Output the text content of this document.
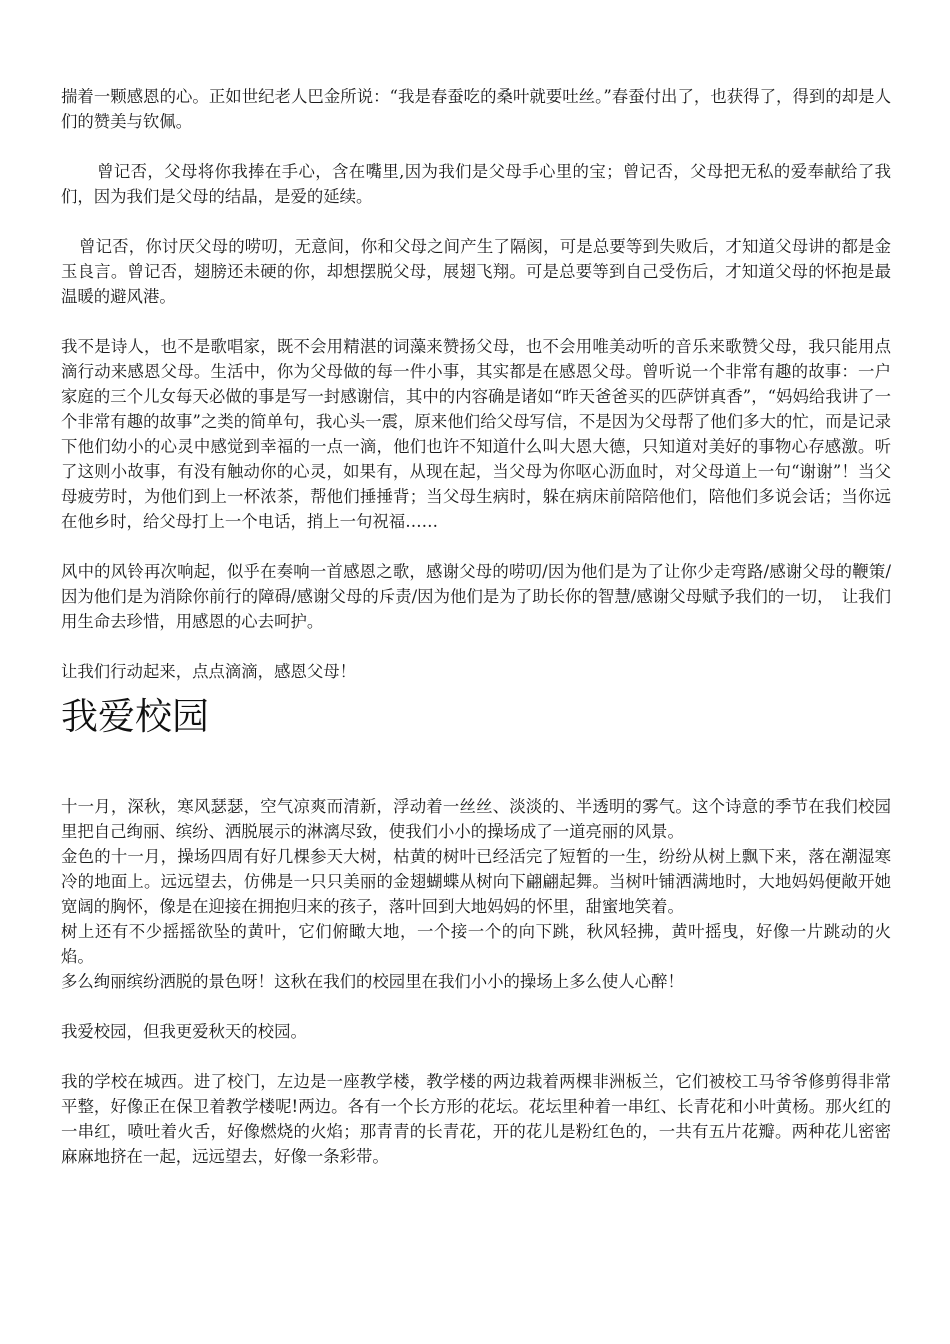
揣着一颗感恩的心。正如世纪老人巴金所说：“我是春蚕吃的桑叶就要吐丝。”春蚕付出了，也获得了，得到的却是人们的赞美与钦佩。

曾记否，父母将你我捧在手心，含在嘴里,因为我们是父母手心里的宝；曾记否，父母把无私的爱奉献给了我们，因为我们是父母的结晶，是爱的延续。

曾记否，你讨厌父母的唠叨，无意间，你和父母之间产生了隔阂，可是总要等到失败后，才知道父母讲的都是金玉良言。曾记否，翅膀还未硬的你，却想摆脱父母，展翅飞翔。可是总要等到自己受伤后，才知道父母的怀抱是最温暖的避风港。

我不是诗人，也不是歌唱家，既不会用精湛的词藻来赞扬父母，也不会用唯美动听的音乐来歌赞父母，我只能用点滴行动来感恩父母。生活中，你为父母做的每一件小事，其实都是在感恩父母。曾听说一个非常有趣的故事：一户家庭的三个儿女每天必做的事是写一封感谢信，其中的内容确是诸如“昨天爸爸买的匹萨饼真香”，“妈妈给我讲了一个非常有趣的故事”之类的简单句，我心头一震，原来他们给父母写信，不是因为父母帮了他们多大的忙，而是记录下他们幼小的心灵中感觉到幸福的一点一滴，他们也许不知道什么叫大恩大德，只知道对美好的事物心存感激。听了这则小故事，有没有触动你的心灵，如果有，从现在起，当父母为你呕心沥血时，对父母道上一句“谢谢”！当父母疲劳时，为他们到上一杯浓茶，帮他们捶捶背；当父母生病时，躲在病床前陪陪他们，陪他们多说会话；当你远在他乡时，给父母打上一个电话，捎上一句祝福……

风中的风铃再次响起，似乎在奏响一首感恩之歌，感谢父母的唠叨/因为他们是为了让你少走弯路/感谢父母的鞭策/因为他们是为消除你前行的障碍/感谢父母的斥责/因为他们是为了助长你的智慧/感谢父母赋予我们的一切，　让我们用生命去珍惜，用感恩的心去呵护。

让我们行动起来，点点滴滴，感恩父母！

我爱校园

十一月，深秋，寒风瑟瑟，空气凉爽而清新，浮动着一丝丝、淡淡的、半透明的雾气。这个诗意的季节在我们校园里把自己绚丽、缤纷、洒脱展示的淋漓尽致，使我们小小的操场成了一道亮丽的风景。

金色的十一月，操场四周有好几棵参天大树，枯黄的树叶已经活完了短暂的一生，纷纷从树上飘下来，落在潮湿寒冷的地面上。远远望去，仿佛是一只只美丽的金翅蝴蝶从树向下翩翩起舞。当树叶铺洒满地时，大地妈妈便敞开她宽阔的胸怀，像是在迎接在拥抱归来的孩子，落叶回到大地妈妈的怀里，甜蜜地笑着。

树上还有不少摇摇欲坠的黄叶，它们俯瞰大地，一个接一个的向下跳，秋风轻拂，黄叶摇曳，好像一片跳动的火焰。

多么绚丽缤纷洒脱的景色呀！这秋在我们的校园里在我们小小的操场上多么使人心醉！

我爱校园，但我更爱秋天的校园。

我的学校在城西。进了校门，左边是一座教学楼，教学楼的两边栽着两棵非洲板兰，它们被校工马爷爷修剪得非常平整，好像正在保卫着教学楼呢!两边。各有一个长方形的花坛。花坛里种着一串红、长青花和小叶黄杨。那火红的一串红，喷吐着火舌，好像燃烧的火焰；那青青的长青花，开的花儿是粉红色的，一共有五片花瓣。两种花儿密密麻麻地挤在一起，远远望去，好像一条彩带。
